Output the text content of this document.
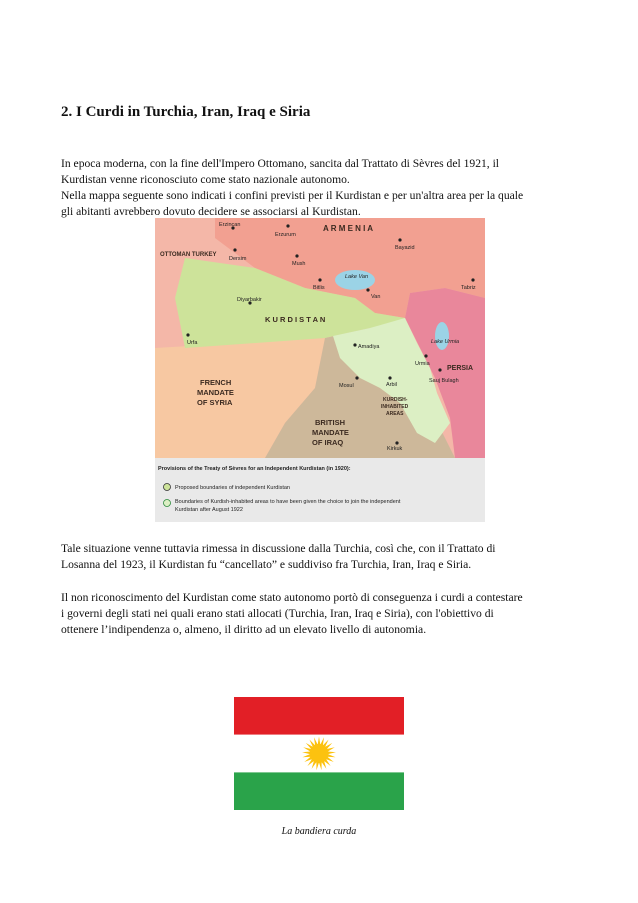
2. I Curdi in Turchia, Iran, Iraq e Siria
In epoca moderna, con la fine dell'Impero Ottomano, sancita dal Trattato di Sèvres del 1921, il
Kurdistan venne riconosciuto come stato nazionale autonomo.
Nella mappa seguente sono indicati i confini previsti per il Kurdistan e per un'altra area per la quale
gli abitanti avrebbero dovuto decidere se associarsi al Kurdistan.
OTTOMAN TURKEY
A R M E N I A
K U R D I S T A N
FRENCH
MANDATE
OF SYRIA
BRITISH
MANDATE
OF IRAQ
PERSIA
KURDISH-
INHABITED
AREAS
Lake Van
Lake Urmia
Erzincan
Erzurum
Bayazid
Dersim
Mush
Bitlis
Van
Tabriz
Diyarbakir
Urfa
Amadiya
Urmia
Mosul	Arbil
Sauj Bulagh
Kirkuk
Provisions of the Treaty of Sèvres for an Independent Kurdistan (in 1920):
Proposed boundaries of independent Kurdistan
Boundaries of Kurdish-inhabited areas to have been given the choice to join the independent
Kurdistan after August 1922
Tale situazione venne tuttavia rimessa in discussione dalla Turchia, così che, con il Trattato di
Losanna del 1923, il Kurdistan fu “cancellato” e suddiviso fra Turchia, Iran, Iraq e Siria.
Il non riconoscimento del Kurdistan come stato autonomo portò di conseguenza i curdi a contestare
i governi degli stati nei quali erano stati allocati (Turchia, Iran, Iraq e Siria), con l'obiettivo di
ottenere l’indipendenza o, almeno, il diritto ad un elevato livello di autonomia.
La bandiera curda
